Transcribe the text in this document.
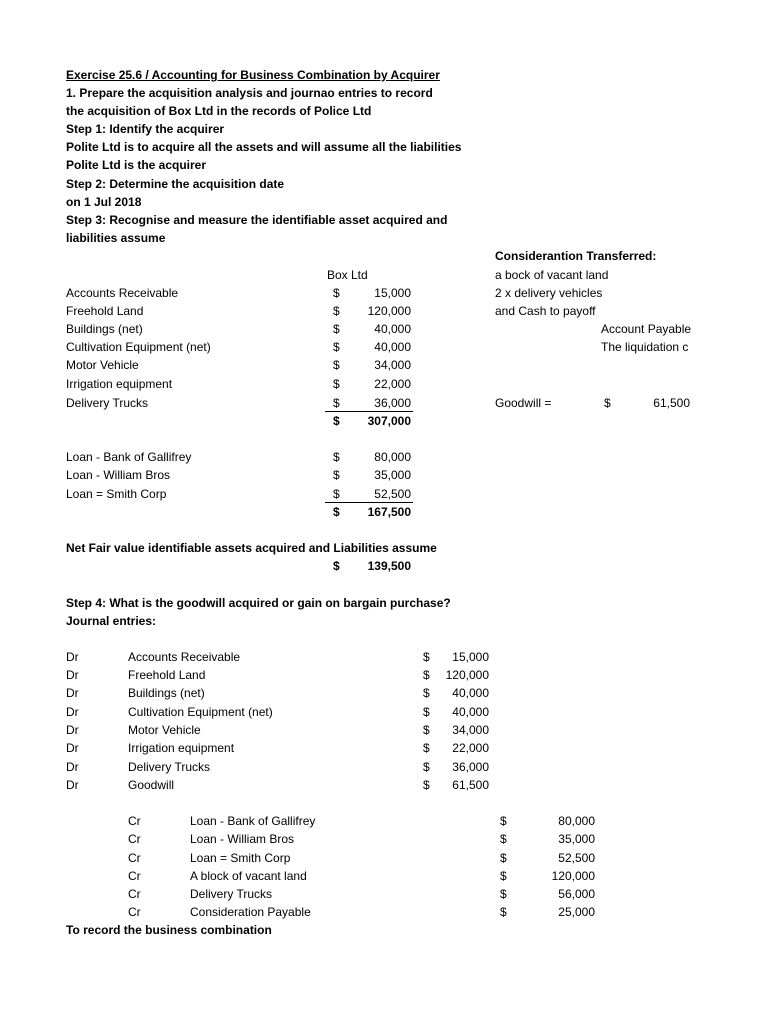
Exercise 25.6 / Accounting for Business Combination by Acquirer
1. Prepare the acquisition analysis and journao entries to record
the acquisition of Box Ltd in the records of Police Ltd
Step 1: Identify the acquirer
Polite Ltd is to acquire all the assets and will assume all the liabilities
Polite Ltd is the acquirer
Step 2: Determine the acquisition date
on 1 Jul 2018
Step 3: Recognise and measure the identifiable asset acquired and
liabilities assume
Considerantion Transferred:
a bock of vacant land
2 x delivery vehicles
and Cash to payoff
Account Payable
The liquidation c
Goodwill =	$	61,500
Box Ltd
Accounts Receivable	$	15,000
Freehold Land	$	120,000
Buildings (net)	$	40,000
Cultivation Equipment (net)	$	40,000
Motor Vehicle	$	34,000
Irrigation equipment	$	22,000
Delivery Trucks	$	36,000
$	307,000
Loan - Bank of Gallifrey	$	80,000
Loan - William Bros	$	35,000
Loan = Smith Corp	$	52,500
$	167,500
Net Fair value identifiable assets acquired and Liabilities assume
$	139,500
Step 4: What is the goodwill acquired or gain on bargain purchase?
Journal entries:
Dr	Accounts Receivable	$	15,000
Dr	Freehold Land	$	120,000
Dr	Buildings (net)	$	40,000
Dr	Cultivation Equipment (net)	$	40,000
Dr	Motor Vehicle	$	34,000
Dr	Irrigation equipment	$	22,000
Dr	Delivery Trucks	$	36,000
Dr	Goodwill	$	61,500
Cr	Loan - Bank of Gallifrey	$	80,000
Cr	Loan - William Bros	$	35,000
Cr	Loan = Smith Corp	$	52,500
Cr	A block of vacant land	$	120,000
Cr	Delivery Trucks	$	56,000
Cr	Consideration Payable	$	25,000
To record the business combination
